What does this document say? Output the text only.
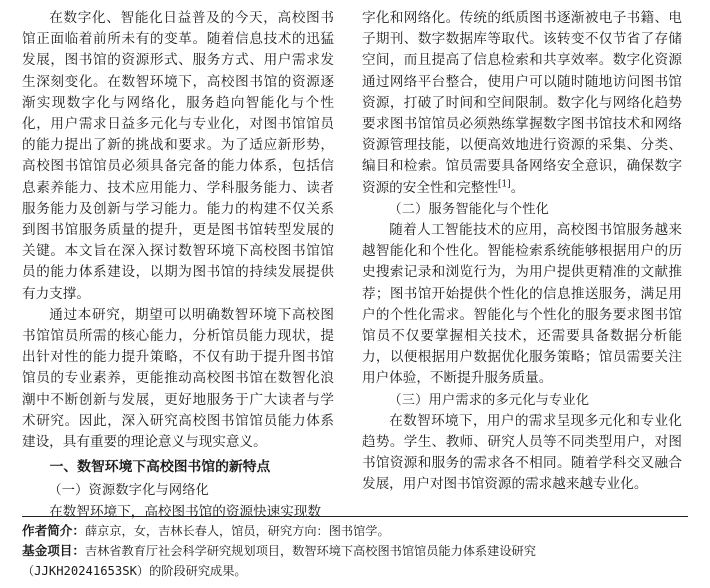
在数字化、智能化日益普及的今天，高校图书馆正面临着前所未有的变革。随着信息技术的迅猛发展，图书馆的资源形式、服务方式、用户需求发生深刻变化。在数智环境下，高校图书馆的资源逐渐实现数字化与网络化，服务趋向智能化与个性化，用户需求日益多元化与专业化，对图书馆馆员的能力提出了新的挑战和要求。为了适应新形势，高校图书馆馆员必须具备完备的能力体系，包括信息素养能力、技术应用能力、学科服务能力、读者服务能力及创新与学习能力。能力的构建不仅关系到图书馆服务质量的提升，更是图书馆转型发展的关键。本文旨在深入探讨数智环境下高校图书馆馆员的能力体系建设，以期为图书馆的持续发展提供有力支撑。

通过本研究，期望可以明确数智环境下高校图书馆馆员所需的核心能力，分析馆员能力现状，提出针对性的能力提升策略，不仅有助于提升图书馆馆员的专业素养，更能推动高校图书馆在数智化浪潮中不断创新与发展，更好地服务于广大读者与学术研究。因此，深入研究高校图书馆馆员能力体系建设，具有重要的理论意义与现实意义。

一、数智环境下高校图书馆的新特点
（一）资源数字化与网络化

在数智环境下，高校图书馆的资源快速实现数

字化和网络化。传统的纸质图书逐渐被电子书籍、电子期刊、数字数据库等取代。该转变不仅节省了存储空间，而且提高了信息检索和共享效率。数字化资源通过网络平台整合，使用户可以随时随地访问图书馆资源，打破了时间和空间限制。数字化与网络化趋势要求图书馆馆员必须熟练掌握数字图书馆技术和网络资源管理技能，以便高效地进行资源的采集、分类、编目和检索。馆员需要具备网络安全意识，确保数字资源的安全性和完整性[1]。

（二）服务智能化与个性化

随着人工智能技术的应用，高校图书馆服务越来越智能化和个性化。智能检索系统能够根据用户的历史搜索记录和浏览行为，为用户提供更精准的文献推荐；图书馆开始提供个性化的信息推送服务，满足用户的个性化需求。智能化与个性化的服务要求图书馆馆员不仅要掌握相关技术，还需要具备数据分析能力，以便根据用户数据优化服务策略；馆员需要关注用户体验，不断提升服务质量。

（三）用户需求的多元化与专业化

在数智环境下，用户的需求呈现多元化和专业化趋势。学生、教师、研究人员等不同类型用户，对图书馆资源和服务的需求各不相同。随着学科交叉融合发展，用户对图书馆资源的需求越来越专业化。

作者简介：薛京京，女，吉林长春人，馆员，研究方向：图书馆学。
基金项目：吉林省教育厅社会科学研究规划项目，数智环境下高校图书馆馆员能力体系建设研究
（JJKH20241653SK）的阶段研究成果。
